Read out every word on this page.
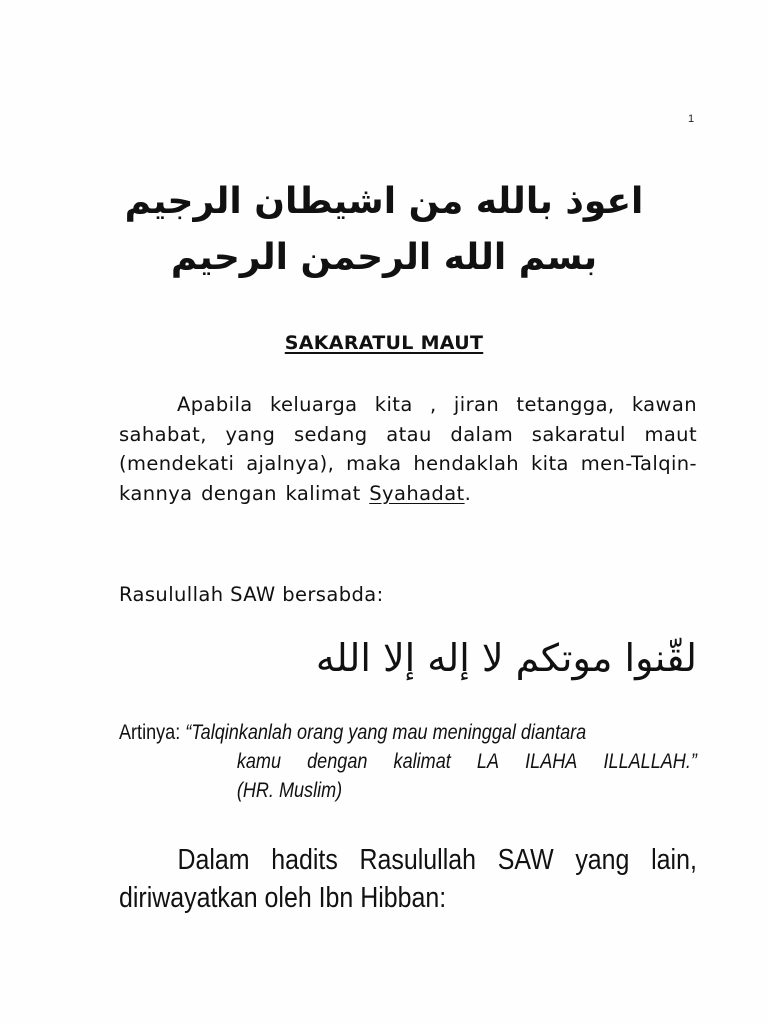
1
اعوذ بالله من اشيطان الرجيم
بسم الله الرحمن الرحيم
SAKARATUL MAUT
Apabila keluarga kita , jiran tetangga, kawan sahabat, yang sedang atau dalam sakaratul maut (mendekati ajalnya), maka hendaklah kita men-Talqin-kannya dengan kalimat Syahadat.
Rasulullah SAW bersabda:
لقّنوا موتكم لا إله إلا الله
Artinya: “Talqinkanlah orang yang mau meninggal diantara
kamu dengan kalimat LA ILAHA ILLALLAH.”
(HR. Muslim)
Dalam hadits Rasulullah SAW yang lain,
diriwayatkan oleh Ibn Hibban:
